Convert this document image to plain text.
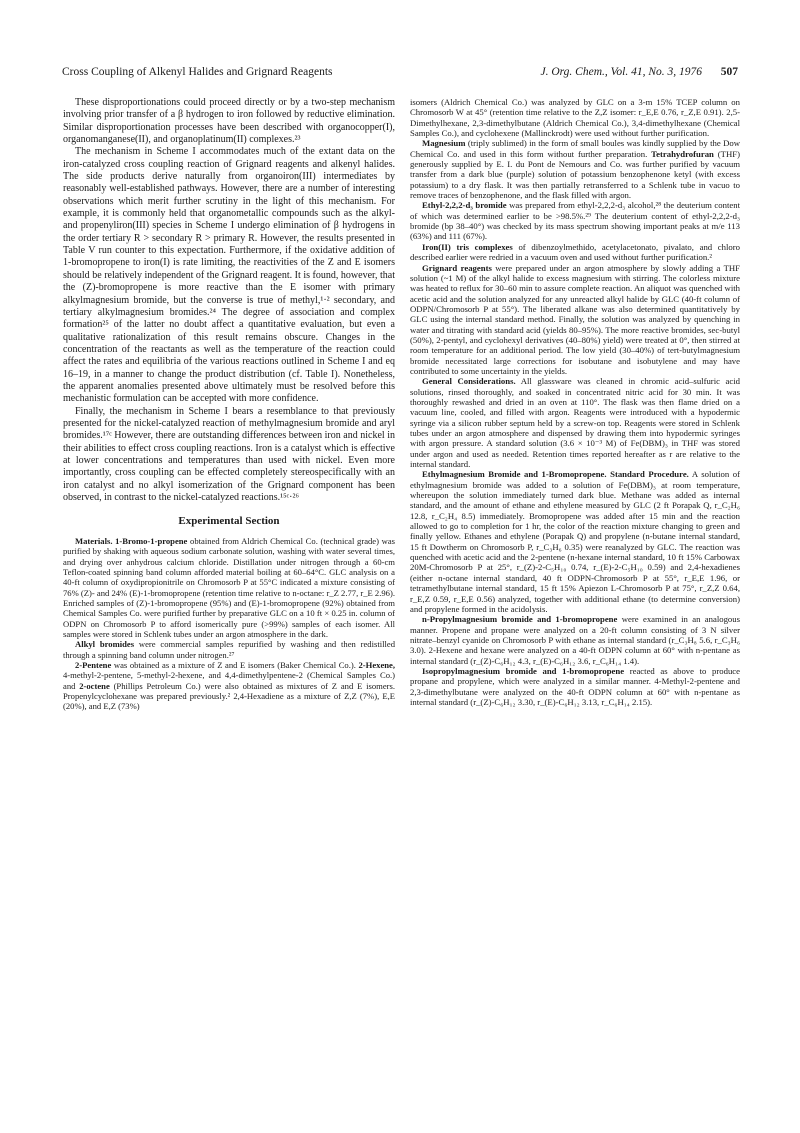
Cross Coupling of Alkenyl Halides and Grignard Reagents	J. Org. Chem., Vol. 41, No. 3, 1976 507

These disproportionations could proceed directly or by a two-step mechanism involving prior transfer of a β hydrogen to iron followed by reductive elimination. Similar disproportionation processes have been described with organocopper(I), organomanganese(II), and organoplatinum(II) complexes.²³

The mechanism in Scheme I accommodates much of the extant data on the iron-catalyzed cross coupling reaction of Grignard reagents and alkenyl halides. The side products derive naturally from organoiron(III) intermediates by reasonably well-established pathways. However, there are a number of interesting observations which merit further scrutiny in the light of this mechanism. For example, it is commonly held that organometallic compounds such as the alkyl- and propenyliron(III) species in Scheme I undergo elimination of β hydrogens in the order tertiary R > secondary R > primary R. However, the results presented in Table V run counter to this expectation. Furthermore, if the oxidative addition of 1-bromopropene to iron(I) is rate limiting, the reactivities of the Z and E isomers should be relatively independent of the Grignard reagent. It is found, however, that the (Z)-bromopropene is more reactive than the E isomer with primary alkylmagnesium bromide, but the converse is true of methyl,¹·² secondary, and tertiary alkylmagnesium bromides.²⁴ The degree of association and complex formation²⁵ of the latter no doubt affect a quantitative evaluation, but even a qualitative rationalization of this result remains obscure. Changes in the concentration of the reactants as well as the temperature of the reaction could affect the rates and equilibria of the various reactions outlined in Scheme I and eq 16–19, in a manner to change the product distribution (cf. Table I). Nonetheless, the apparent anomalies presented above ultimately must be resolved before this mechanistic formulation can be accepted with more confidence.

Finally, the mechanism in Scheme I bears a resemblance to that previously presented for the nickel-catalyzed reaction of methylmagnesium bromide and aryl bromides.¹⁷ᶜ However, there are outstanding differences between iron and nickel in their abilities to effect cross coupling reactions. Iron is a catalyst which is effective at lower concentrations and temperatures than used with nickel. Even more importantly, cross coupling can be effected completely stereospecifically with an iron catalyst and no alkyl isomerization of the Grignard component has been observed, in contrast to the nickel-catalyzed reactions.¹⁵ᶜ·²⁶

Experimental Section

Materials. 1-Bromo-1-propene obtained from Aldrich Chemical Co. (technical grade) was purified by shaking with aqueous sodium carbonate solution, washing with water several times, and drying over anhydrous calcium chloride. Distillation under nitrogen through a 60-cm Teflon-coated spinning band column afforded material boiling at 60–64°C. GLC analysis on a 40-ft column of oxydipropionitrile on Chromosorb P at 55°C indicated a mixture consisting of 76% (Z)- and 24% (E)-1-bromopropene (retention time relative to n-octane: r_Z 2.77, r_E 2.96). Enriched samples of (Z)-1-bromopropene (95%) and (E)-1-bromopropene (92%) obtained from Chemical Samples Co. were purified further by preparative GLC on a 10 ft × 0.25 in. column of ODPN on Chromosorb P to afford isomerically pure (>99%) samples of each isomer. All samples were stored in Schlenk tubes under an argon atmosphere in the dark.

Alkyl bromides were commercial samples repurified by washing and then redistilled through a spinning band column under nitrogen.²⁷

2-Pentene was obtained as a mixture of Z and E isomers (Baker Chemical Co.). 2-Hexene, 4-methyl-2-pentene, 5-methyl-2-hexene, and 4,4-dimethylpentene-2 (Chemical Samples Co.) and 2-octene (Phillips Petroleum Co.) were also obtained as mixtures of Z and E isomers. Propenylcyclohexane was prepared previously.² 2,4-Hexadiene as a mixture of Z,Z (7%), E,E (20%), and E,Z (73%)

isomers (Aldrich Chemical Co.) was analyzed by GLC on a 3-m 15% TCEP column on Chromosorb W at 45° (retention time relative to the Z,Z isomer: r_E,E 0.76, r_Z,E 0.91). 2,5-Dimethylhexane, 2,3-dimethylbutane (Aldrich Chemical Co.), 3,4-dimethylhexane (Chemical Samples Co.), and cyclohexene (Mallinckrodt) were used without further purification.

Magnesium (triply sublimed) in the form of small boules was kindly supplied by the Dow Chemical Co. and used in this form without further preparation. Tetrahydrofuran (THF) generously supplied by E. I. du Pont de Nemours and Co. was further purified by vacuum transfer from a dark blue (purple) solution of potassium benzophenone ketyl (with excess potassium) to a dry flask. It was then partially retransferred to a Schlenk tube in vacuo to remove traces of benzophenone, and the flask filled with argon.

Ethyl-2,2,2-d₃ bromide was prepared from ethyl-2,2,2-d₃ alcohol,²⁸ the deuterium content of which was determined earlier to be >98.5%.²⁹ The deuterium content of ethyl-2,2,2-d₃ bromide (bp 38–40°) was checked by its mass spectrum showing important peaks at m/e 113 (63%) and 111 (67%).

Iron(II) tris complexes of dibenzoylmethido, acetylacetonato, pivalato, and chloro described earlier were redried in a vacuum oven and used without further purification.²

Grignard reagents were prepared under an argon atmosphere by slowly adding a THF solution (~1 M) of the alkyl halide to excess magnesium with stirring. The colorless mixture was heated to reflux for 30–60 min to assure complete reaction. An aliquot was quenched with acetic acid and the solution analyzed for any unreacted alkyl halide by GLC (40-ft column of ODPN/Chromosorb P at 55°). The liberated alkane was also determined quantitatively by GLC using the internal standard method. Finally, the solution was analyzed by quenching in water and titrating with standard acid (yields 80–95%). The more reactive bromides, sec-butyl (50%), 2-pentyl, and cyclohexyl derivatives (40–80%) yield) were treated at 0°, then stirred at room temperature for an additional period. The low yield (30–40%) of tert-butylmagnesium bromide necessitated large corrections for isobutane and isobutylene and may have contributed to some uncertainty in the yields.

General Considerations. All glassware was cleaned in chromic acid–sulfuric acid solutions, rinsed thoroughly, and soaked in concentrated nitric acid for 30 min. It was thoroughly rewashed and dried in an oven at 110°. The flask was then flame dried on a vacuum line, cooled, and filled with argon. Reagents were introduced with a hypodermic syringe via a silicon rubber septum held by a screw-on top. Reagents were stored in Schlenk tubes under an argon atmosphere and dispensed by drawing them into hypodermic syringes with argon pressure. A standard solution (3.6 × 10⁻³ M) of Fe(DBM)₃ in THF was stored under argon and used as needed. Retention times reported hereafter as r are relative to the internal standard.

Ethylmagnesium Bromide and 1-Bromopropene. Standard Procedure. A solution of ethylmagnesium bromide was added to a solution of Fe(DBM)₃ at room temperature, whereupon the solution immediately turned dark blue. Methane was added as internal standard, and the amount of ethane and ethylene measured by GLC (2 ft Porapak Q, r_C₂H₆ 12.8, r_C₂H₄ 8.5) immediately. Bromopropene was added after 15 min and the reaction allowed to go to completion for 1 hr, the color of the reaction mixture changing to green and finally yellow. Ethanes and ethylene (Porapak Q) and propylene (n-butane internal standard, 15 ft Dowtherm on Chromosorb P, r_C₃H₆ 0.35) were reanalyzed by GLC. The reaction was quenched with acetic acid and the 2-pentene (n-hexane internal standard, 10 ft 15% Carbowax 20M-Chromosorb P at 25°, r_(Z)-2-C₅H₁₀ 0.74, r_(E)-2-C₅H₁₀ 0.59) and 2,4-hexadienes (either n-octane internal standard, 40 ft ODPN-Chromosorb P at 55°, r_E,E 1.96, or tetramethylbutane internal standard, 15 ft 15% Apiezon L-Chromosorb P at 75°, r_Z,Z 0.64, r_E,Z 0.59, r_E,E 0.56) analyzed, together with additional ethane (to determine conversion) and propylene formed in the acidolysis.

n-Propylmagnesium bromide and 1-bromopropene were examined in an analogous manner. Propene and propane were analyzed on a 20-ft column consisting of 3 N silver nitrate–benzyl cyanide on Chromosorb P with ethane as internal standard (r_C₃H₈ 5.6, r_C₃H₆ 3.0). 2-Hexene and hexane were analyzed on a 40-ft ODPN column at 60° with n-pentane as internal standard (r_(Z)-C₆H₁₂ 4.3, r_(E)-C₆H₁₂ 3.6, r_C₆H₁₄ 1.4).

Isopropylmagnesium bromide and 1-bromopropene reacted as above to produce propane and propylene, which were analyzed in a similar manner. 4-Methyl-2-pentene and 2,3-dimethylbutane were analyzed on the 40-ft ODPN column at 60° with n-pentane as internal standard (r_(Z)-C₆H₁₂ 3.30, r_(E)-C₆H₁₂ 3.13, r_C₆H₁₄ 2.15).
